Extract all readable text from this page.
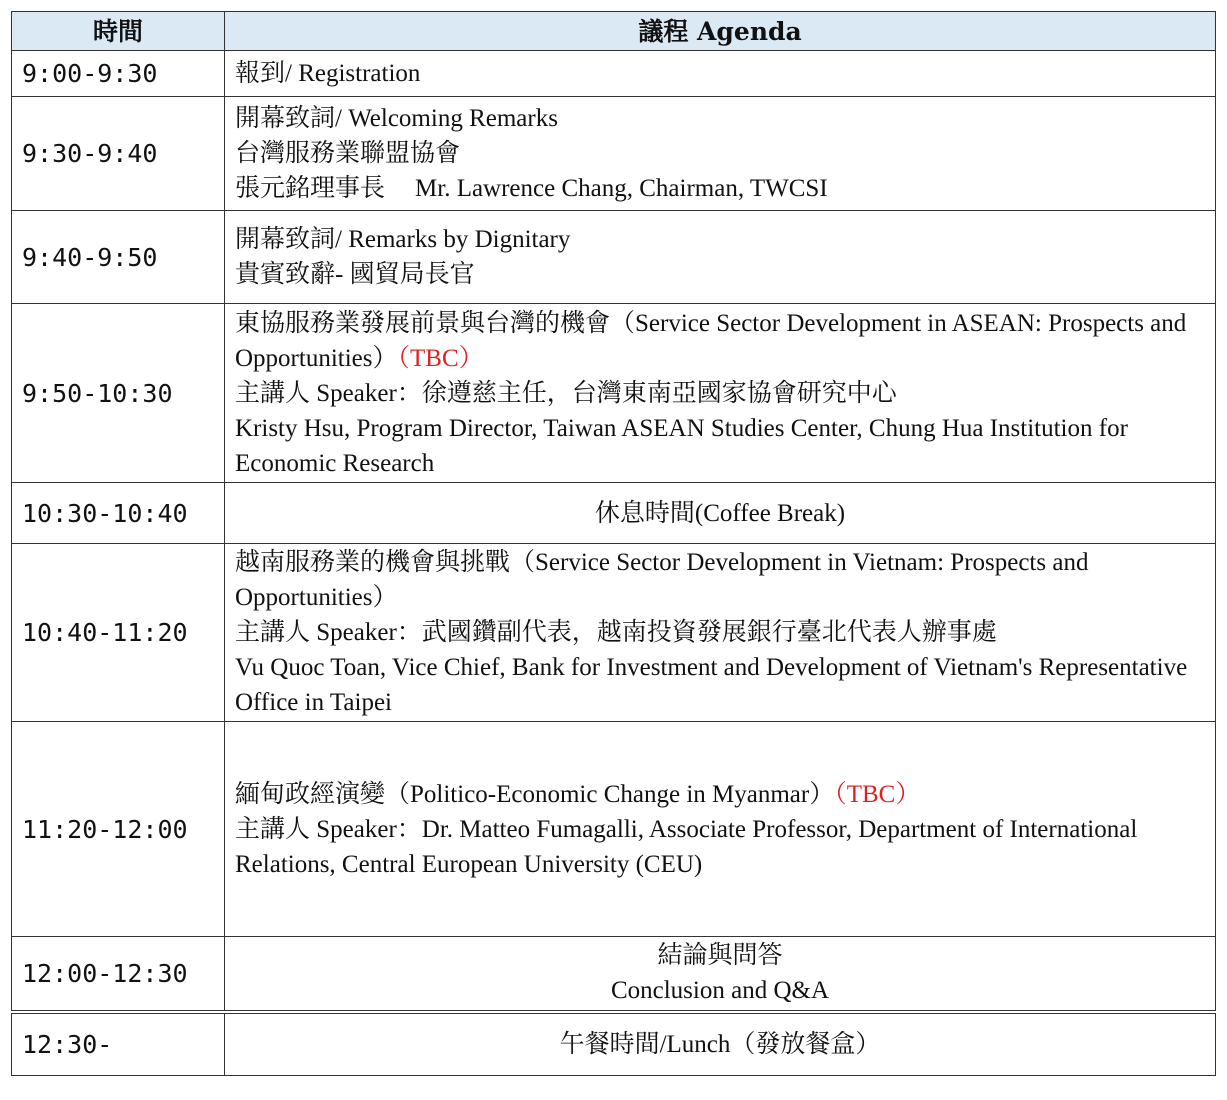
時間	議程 Agenda
9:00-9:30	報到/ Registration

9:30-9:40	開幕致詞/ Welcoming Remarks
台灣服務業聯盟協會
張元銘理事長 Mr. Lawrence Chang, Chairman, TWCSI

9:40-9:50	開幕致詞/ Remarks by Dignitary
貴賓致辭- 國貿局長官

9:50-10:30	東協服務業發展前景與台灣的機會（Service Sector Development in ASEAN: Prospects and Opportunities）（TBC）
主講人 Speaker：徐遵慈主任，台灣東南亞國家協會研究中心
Kristy Hsu, Program Director, Taiwan ASEAN Studies Center, Chung Hua Institution for Economic Research

10:30-10:40	休息時間(Coffee Break)
10:40-11:20	越南服務業的機會與挑戰（Service Sector Development in Vietnam: Prospects and Opportunities）
主講人 Speaker：武國鑽副代表，越南投資發展銀行臺北代表人辦事處
Vu Quoc Toan, Vice Chief, Bank for Investment and Development of Vietnam's Representative Office in Taipei

11:20-12:00	緬甸政經演變（Politico-Economic Change in Myanmar）（TBC）
主講人 Speaker：Dr. Matteo Fumagalli, Associate Professor, Department of International Relations, Central European University (CEU)

12:00-12:30	結論與問答
Conclusion and Q&A

12:30-	午餐時間/Lunch（發放餐盒）
